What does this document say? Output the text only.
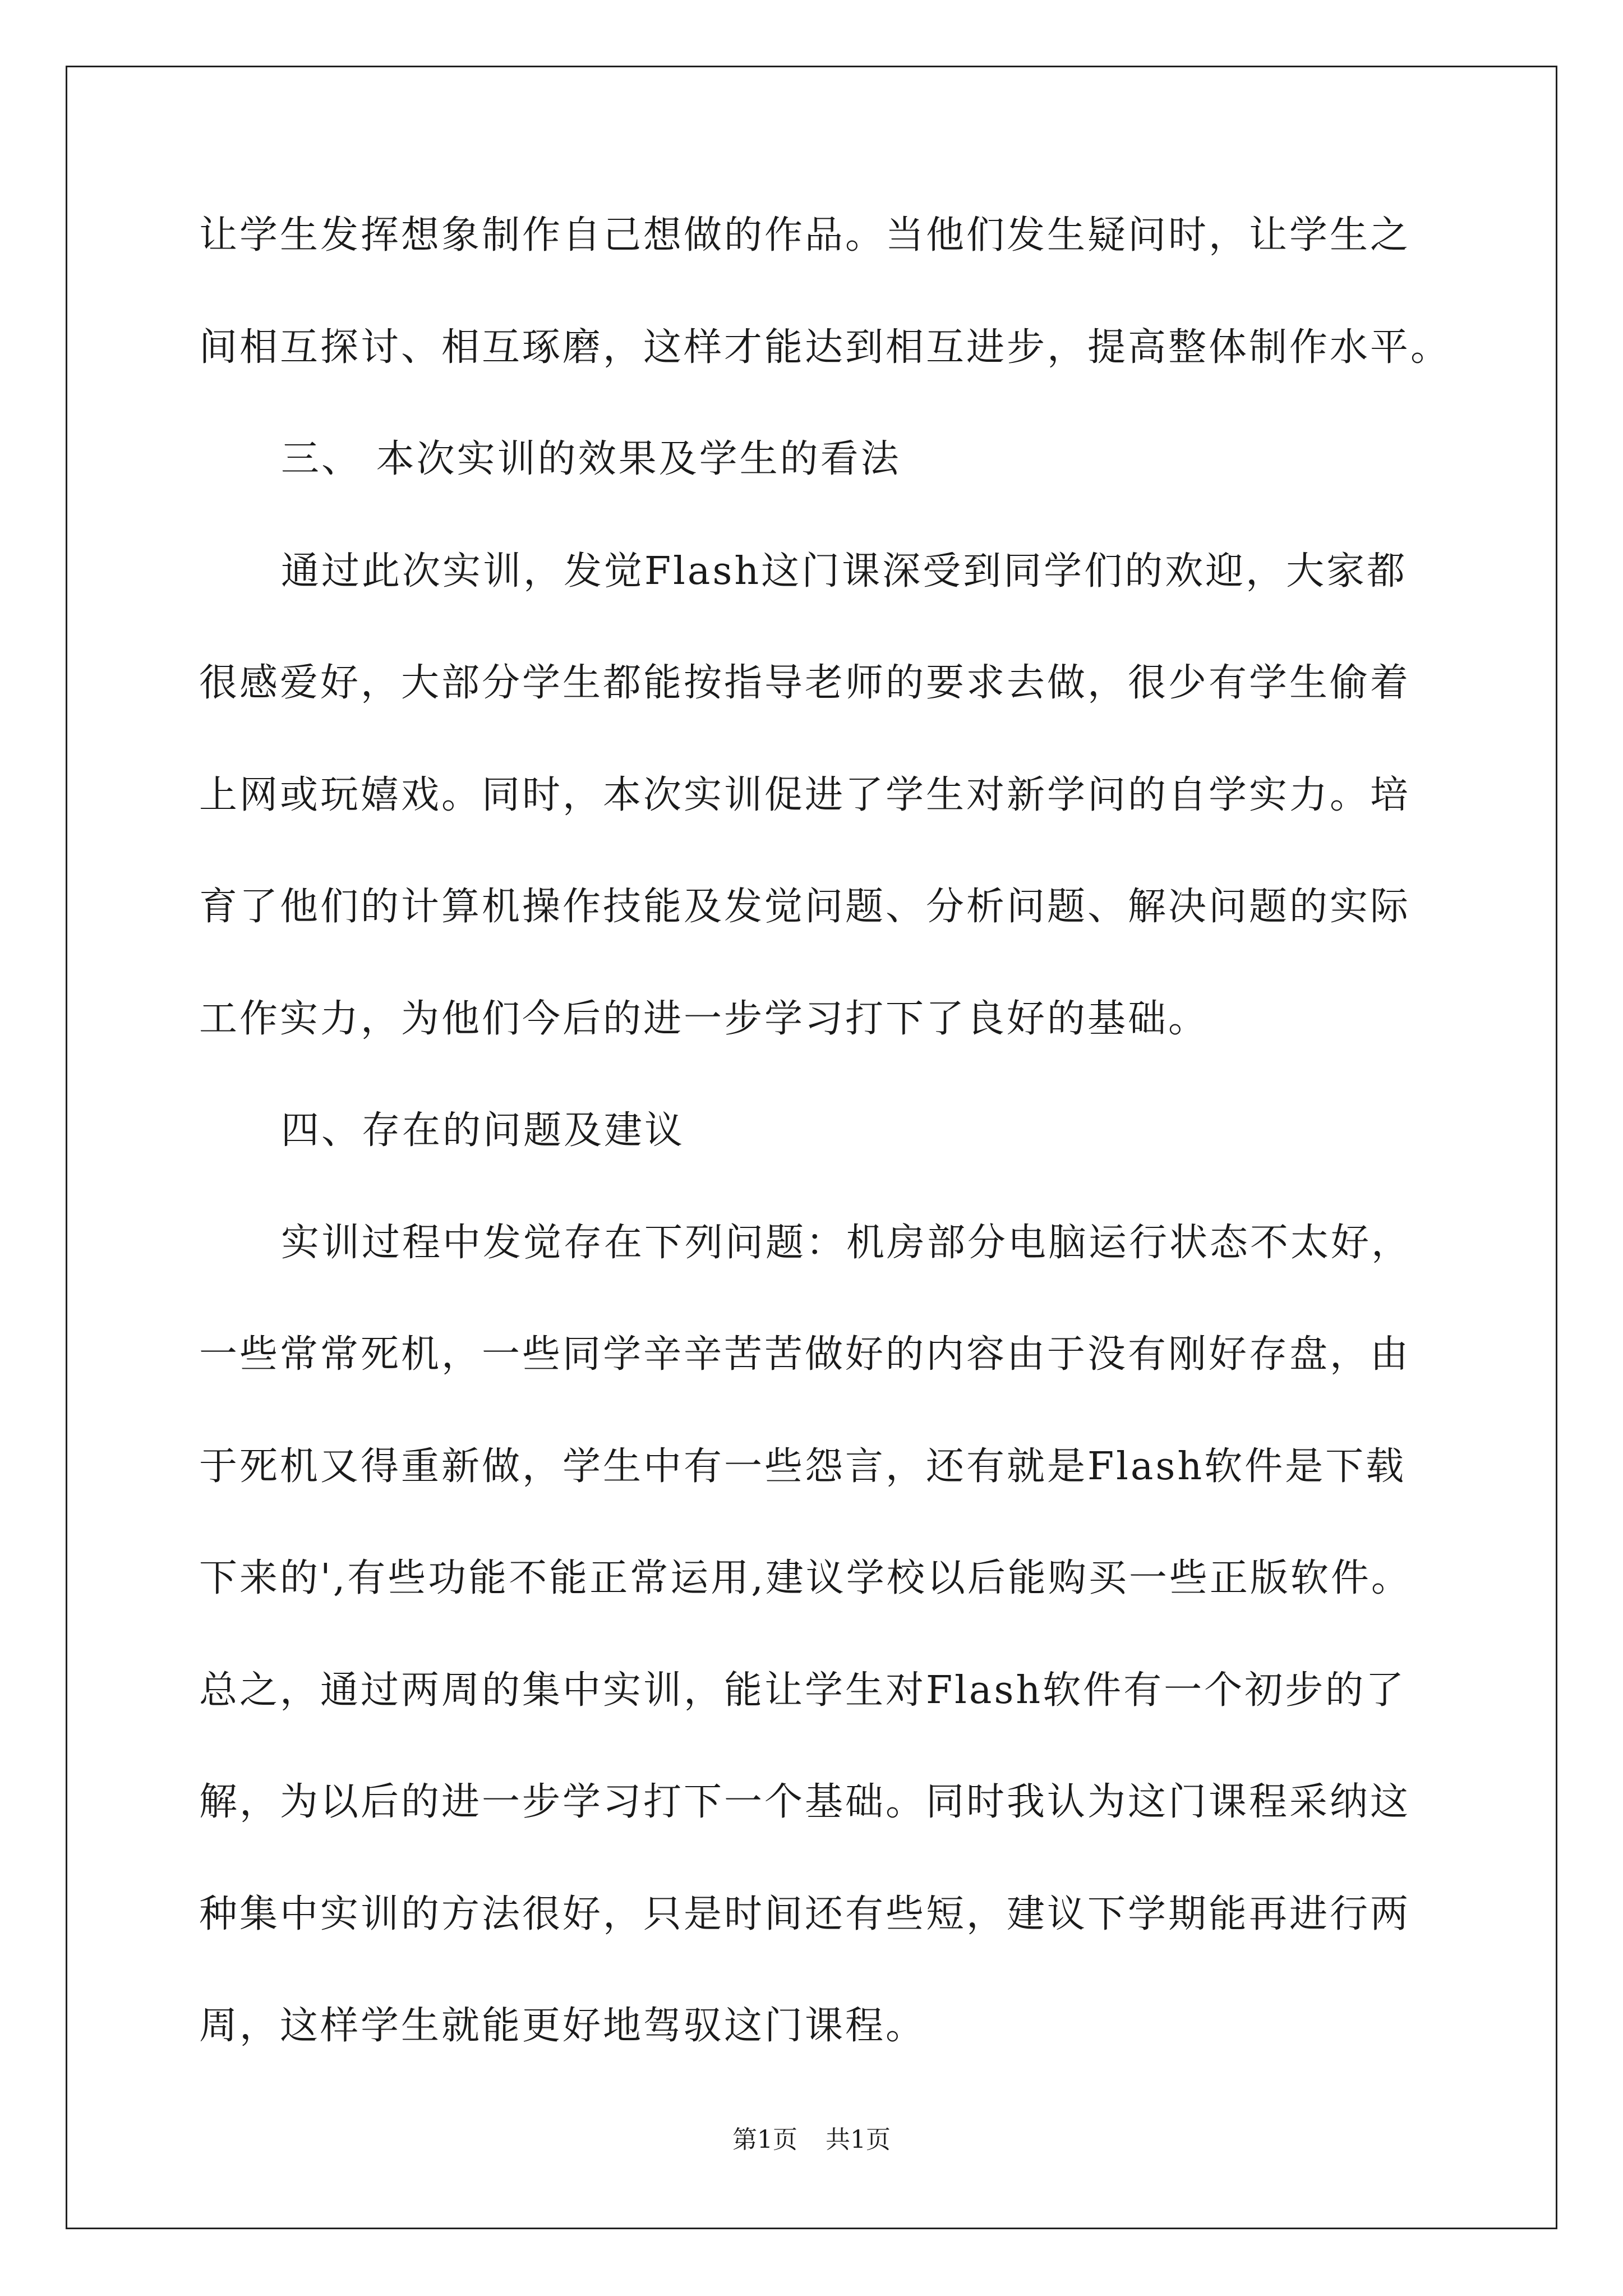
让学生发挥想象制作自己想做的作品。当他们发生疑问时，让学生之
间相互探讨、相互琢磨，这样才能达到相互进步，提高整体制作水平。
三、 本次实训的效果及学生的看法
通过此次实训，发觉Flash这门课深受到同学们的欢迎，大家都
很感爱好，大部分学生都能按指导老师的要求去做，很少有学生偷着
上网或玩嬉戏。同时，本次实训促进了学生对新学问的自学实力。培
育了他们的计算机操作技能及发觉问题、分析问题、解决问题的实际
工作实力，为他们今后的进一步学习打下了良好的基础。
四、存在的问题及建议
实训过程中发觉存在下列问题：机房部分电脑运行状态不太好，
一些常常死机，一些同学辛辛苦苦做好的内容由于没有刚好存盘，由
于死机又得重新做，学生中有一些怨言，还有就是Flash软件是下载
下来的',有些功能不能正常运用,建议学校以后能购买一些正版软件。
总之，通过两周的集中实训，能让学生对Flash软件有一个初步的了
解，为以后的进一步学习打下一个基础。同时我认为这门课程采纳这
种集中实训的方法很好，只是时间还有些短，建议下学期能再进行两
周，这样学生就能更好地驾驭这门课程。
第1页 共1页
